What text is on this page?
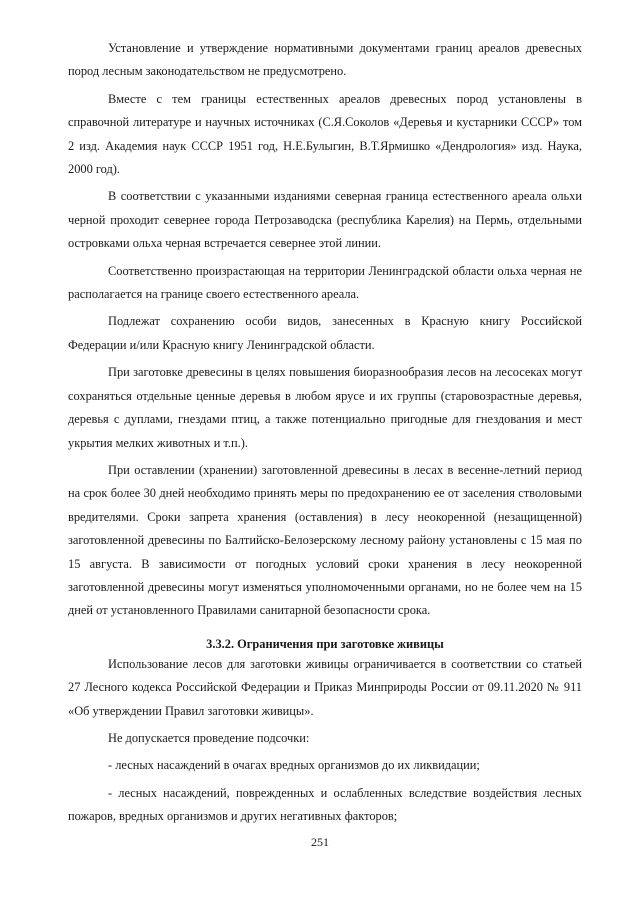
Установление и утверждение нормативными документами границ ареалов древесных пород лесным законодательством не предусмотрено.

Вместе с тем границы естественных ареалов древесных пород установлены в справочной литературе и научных источниках (С.Я.Соколов «Деревья и кустарники СССР» том 2 изд. Академия наук СССР 1951 год, Н.Е.Булыгин, В.Т.Ярмишко «Дендрология» изд. Наука, 2000 год).

В соответствии с указанными изданиями северная граница естественного ареала ольхи черной проходит севернее города Петрозаводска (республика Карелия) на Пермь, отдельными островками ольха черная встречается севернее этой линии.

Соответственно произрастающая на территории Ленинградской области ольха черная не располагается на границе своего естественного ареала.

Подлежат сохранению особи видов, занесенных в Красную книгу Российской Федерации и/или Красную книгу Ленинградской области.

При заготовке древесины в целях повышения биоразнообразия лесов на лесосеках могут сохраняться отдельные ценные деревья в любом ярусе и их группы (старовозрастные деревья, деревья с дуплами, гнездами птиц, а также потенциально пригодные для гнездования и мест укрытия мелких животных и т.п.).

При оставлении (хранении) заготовленной древесины в лесах в весенне-летний период на срок более 30 дней необходимо принять меры по предохранению ее от заселения стволовыми вредителями. Сроки запрета хранения (оставления) в лесу неокоренной (незащищенной) заготовленной древесины по Балтийско-Белозерскому лесному району установлены с 15 мая по 15 августа. В зависимости от погодных условий сроки хранения в лесу неокоренной заготовленной древесины могут изменяться уполномоченными органами, но не более чем на 15 дней от установленного Правилами санитарной безопасности срока.

3.3.2. Ограничения при заготовке живицы

Использование лесов для заготовки живицы ограничивается в соответствии со статьей 27 Лесного кодекса Российской Федерации и Приказ Минприроды России от 09.11.2020 № 911 «Об утверждении Правил заготовки живицы».

Не допускается проведение подсочки:

- лесных насаждений в очагах вредных организмов до их ликвидации;

- лесных насаждений, поврежденных и ослабленных вследствие воздействия лесных пожаров, вредных организмов и других негативных факторов;

251
